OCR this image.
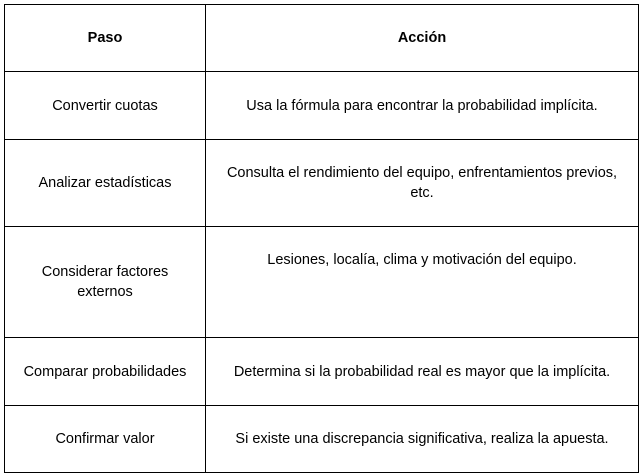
Paso	Acción
Convertir cuotas	Usa la fórmula para encontrar la probabilidad implícita.
Analizar estadísticas	Consulta el rendimiento del equipo, enfrentamientos previos, etc.
Considerar factores externos	Lesiones, localía, clima y motivación del equipo.
Comparar probabilidades	Determina si la probabilidad real es mayor que la implícita.
Confirmar valor	Si existe una discrepancia significativa, realiza la apuesta.
